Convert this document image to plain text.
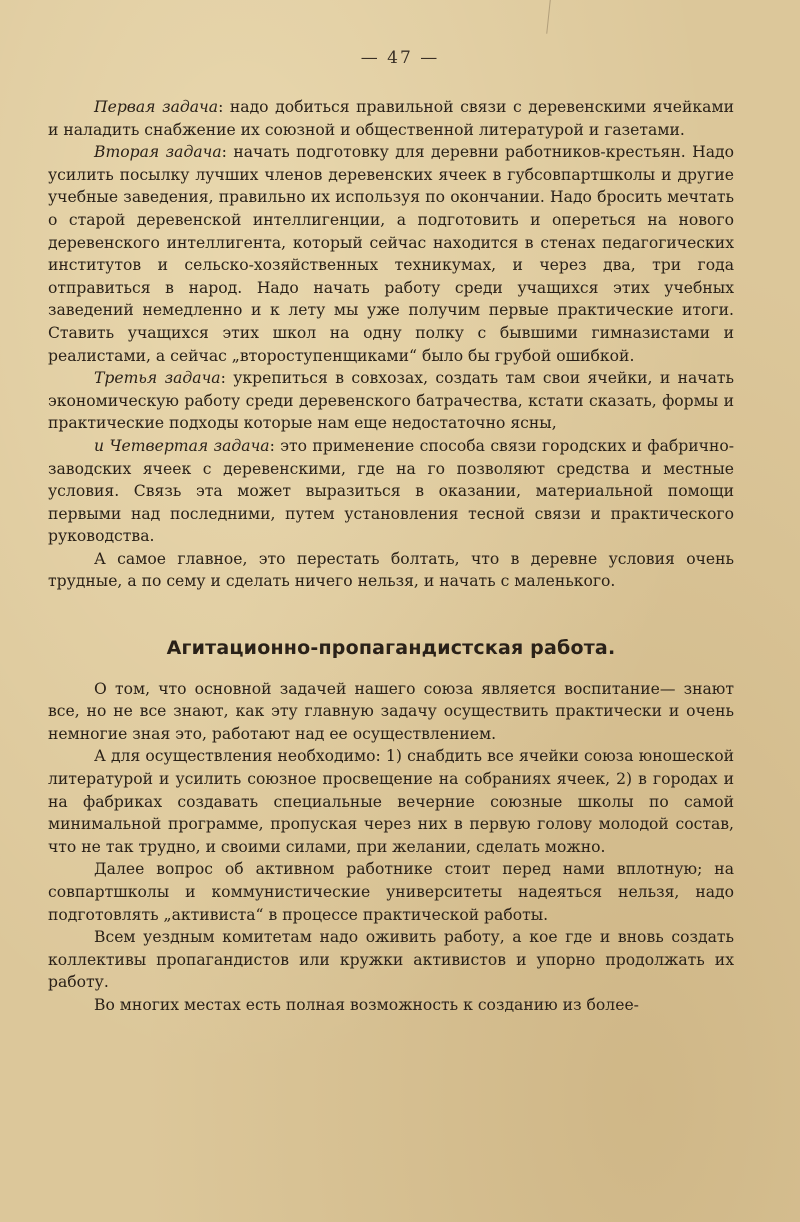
— 47 —

Первая задача: надо добиться правильной связи с деревенскими ячейками и наладить снабжение их союзной и общественной литературой и газетами.

Вторая задача: начать подготовку для деревни работников-крестьян. Надо усилить посылку лучших членов деревенских ячеек в губсовпартшколы и другие учебные заведения, правильно их используя по окончании. Надо бросить мечтать о старой деревенской интеллигенции, а подготовить и опереться на нового деревенского интеллигента, который сейчас находится в стенах педагогических институтов и сельско-хозяйственных техникумах, и через два, три года отправиться в народ. Надо начать работу среди учащихся этих учебных заведений немедленно и к лету мы уже получим первые практические итоги. Ставить учащихся этих школ на одну полку с бывшими гимназистами и реалистами, а сейчас „второступенщиками“ было бы грубой ошибкой.

Третья задача: укрепиться в совхозах, создать там свои ячейки, и начать экономическую работу среди деревенского батрачества, кстати сказать, формы и практические подходы которые нам еще недостаточно ясны,

и Четвертая задача: это применение способа связи городских и фабрично-заводских ячеек с деревенскими, где на го позволяют средства и местные условия. Связь эта может выразиться в оказании, материальной помощи первыми над последними, путем установления тесной связи и практического руководства.

А самое главное, это перестать болтать, что в деревне условия очень трудные, а по сему и сделать ничего нельзя, и начать с маленького.

Агитационно-пропагандистская работа.

О том, что основной задачей нашего союза является воспитание— знают все, но не все знают, как эту главную задачу осуществить практически и очень немногие зная это, работают над ее осуществлением.

А для осуществления необходимо: 1) снабдить все ячейки союза юношеской литературой и усилить союзное просвещение на собраниях ячеек, 2) в городах и на фабриках создавать специальные вечерние союзные школы по самой минимальной программе, пропуская через них в первую голову молодой состав, что не так трудно, и своими силами, при желании, сделать можно.

Далее вопрос об активном работнике стоит перед нами вплотную; на совпартшколы и коммунистические университеты надеяться нельзя, надо подготовлять „активиста“ в процессе практической работы.

Всем уездным комитетам надо оживить работу, а кое где и вновь создать коллективы пропагандистов или кружки активистов и упорно продолжать их работу.

Во многих местах есть полная возможность к созданию из более-
